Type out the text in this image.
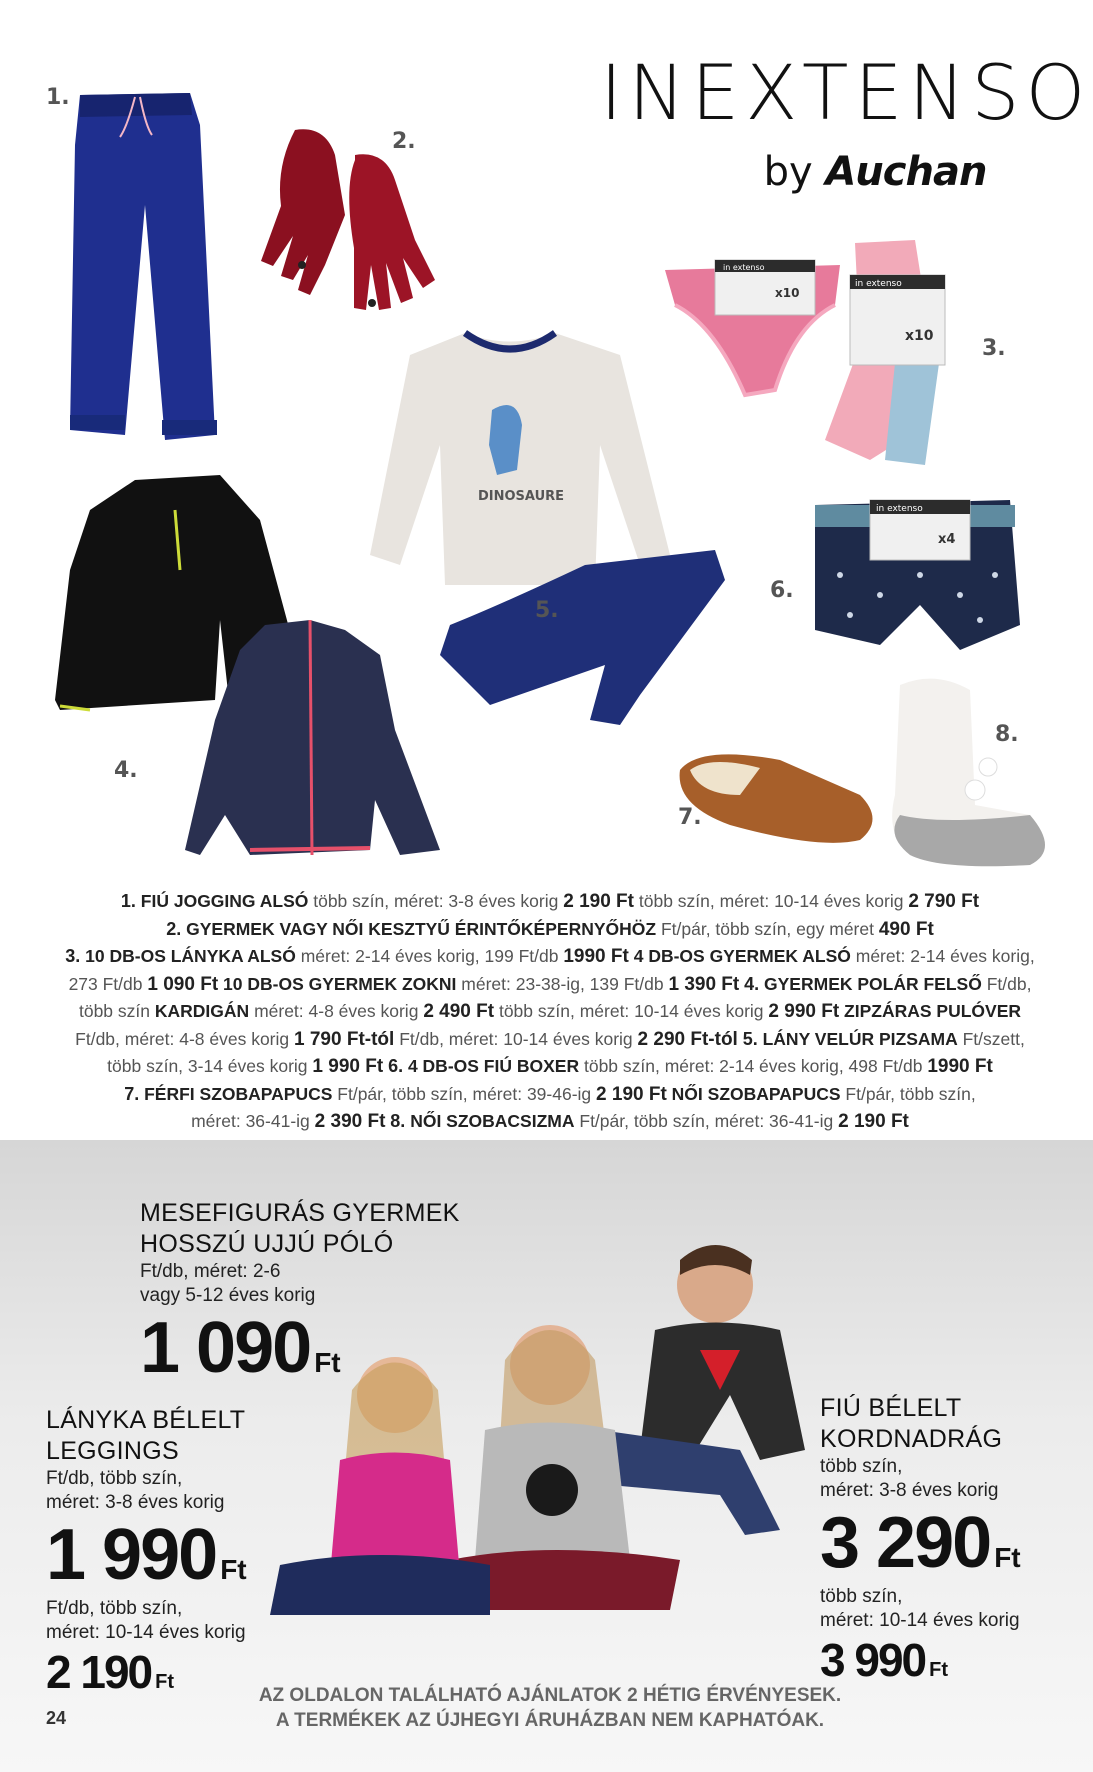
INEXTENSO
by Auchan
1.
2.
in extenso
x10
in extenso
x10 3.
DINOSAURE
5.
4.
in extenso
x4
6.
7.
8.
1. FIÚ JOGGING ALSÓ több szín, méret: 3-8 éves korig 2 190 Ft több szín, méret: 10-14 éves korig 2 790 Ft
2. GYERMEK VAGY NŐI KESZTYŰ ÉRINTŐKÉPERNYŐHÖZ Ft/pár, több szín, egy méret 490 Ft
3. 10 DB-OS LÁNYKA ALSÓ méret: 2-14 éves korig, 199 Ft/db 1990 Ft 4 DB-OS GYERMEK ALSÓ méret: 2-14 éves korig,
273 Ft/db 1 090 Ft 10 DB-OS GYERMEK ZOKNI méret: 23-38-ig, 139 Ft/db 1 390 Ft 4. GYERMEK POLÁR FELSŐ Ft/db,
több szín KARDIGÁN méret: 4-8 éves korig 2 490 Ft több szín, méret: 10-14 éves korig 2 990 Ft ZIPZÁRAS PULÓVER
Ft/db, méret: 4-8 éves korig 1 790 Ft-tól Ft/db, méret: 10-14 éves korig 2 290 Ft-tól 5. LÁNY VELÚR PIZSAMA Ft/szett,
több szín, 3-14 éves korig 1 990 Ft 6. 4 DB-OS FIÚ BOXER több szín, méret: 2-14 éves korig, 498 Ft/db 1990 Ft
7. FÉRFI SZOBAPAPUCS Ft/pár, több szín, méret: 39-46-ig 2 190 Ft NŐI SZOBAPAPUCS Ft/pár, több szín,
méret: 36-41-ig 2 390 Ft 8. NŐI SZOBACSIZMA Ft/pár, több szín, méret: 36-41-ig 2 190 Ft
MESEFIGURÁS GYERMEK
HOSSZÚ UJJÚ PÓLÓ
Ft/db, méret: 2-6
vagy 5-12 éves korig
1 090 Ft
LÁNYKA BÉLELT
LEGGINGS
Ft/db, több szín,
méret: 3-8 éves korig
1 990 Ft
Ft/db, több szín,
méret: 10-14 éves korig
2 190 Ft
FIÚ BÉLELT
KORDNADRÁG
több szín,
méret: 3-8 éves korig
3 290 Ft
több szín,
méret: 10-14 éves korig
3 990 Ft
AZ OLDALON TALÁLHATÓ AJÁNLATOK 2 HÉTIG ÉRVÉNYESEK.
A TERMÉKEK AZ ÚJHEGYI ÁRUHÁZBAN NEM KAPHATÓAK.
24
